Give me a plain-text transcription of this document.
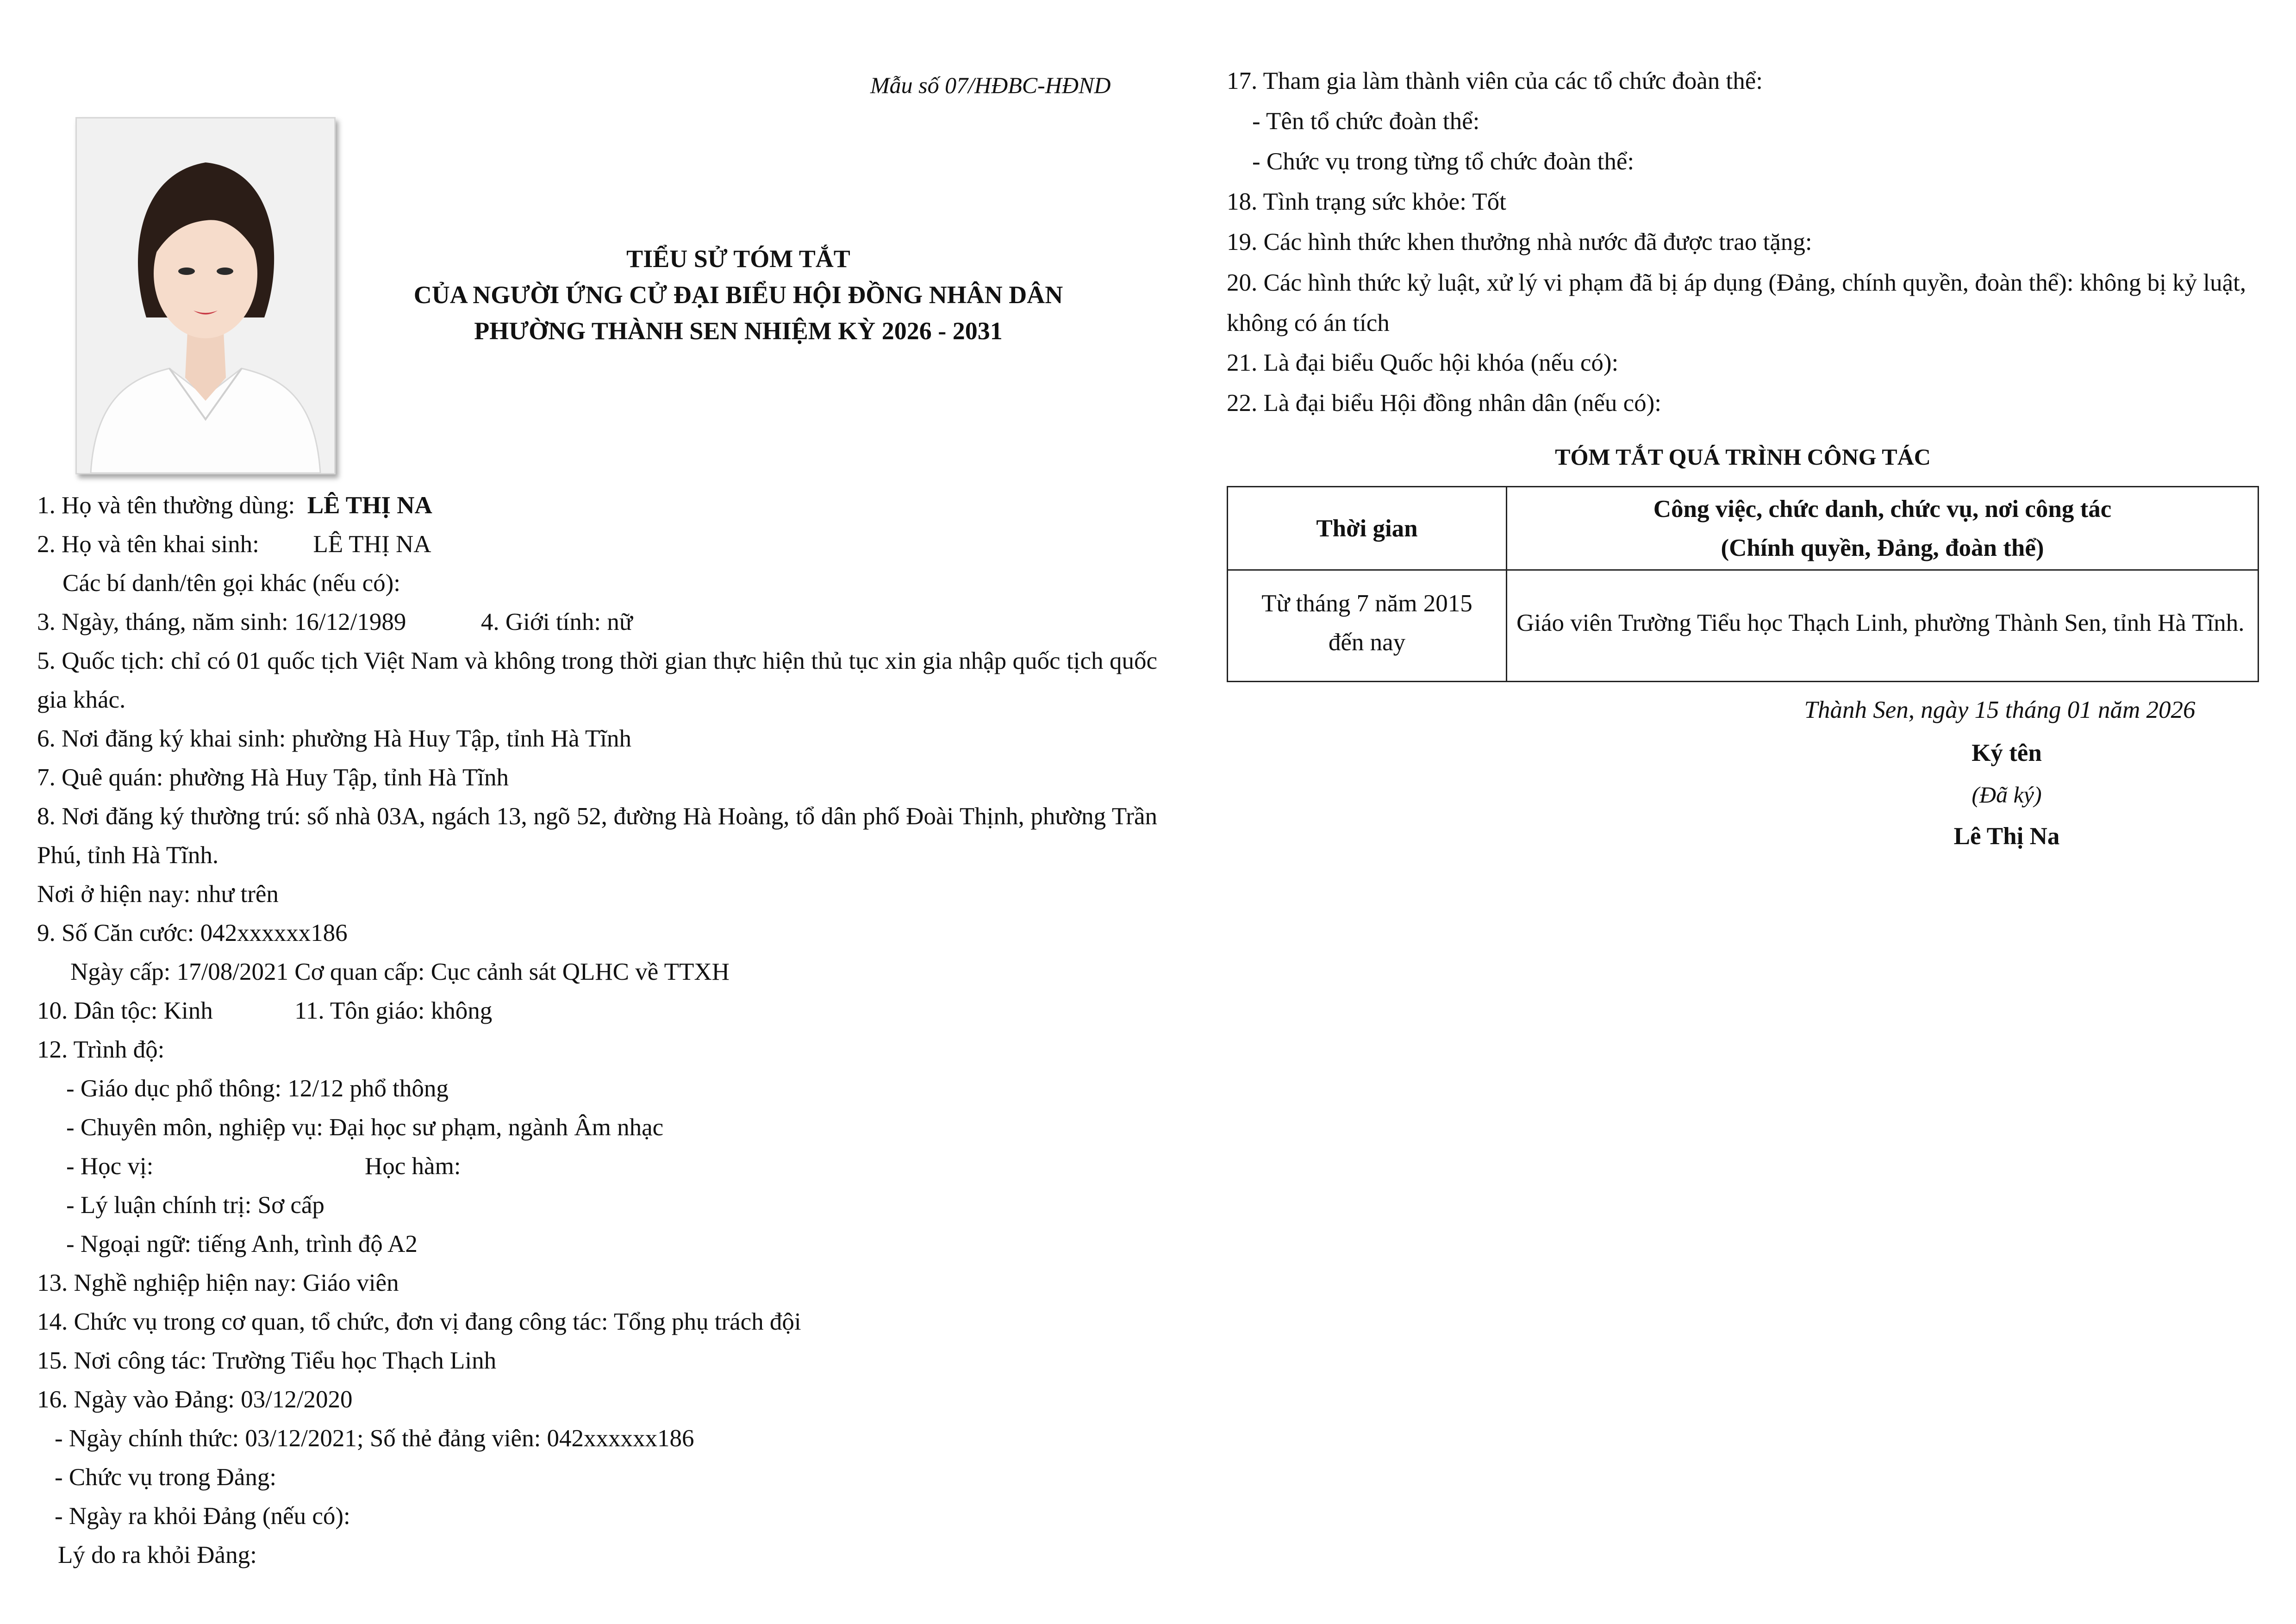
Mẫu số 07/HĐBC-HĐND
TIỂU SỬ TÓM TẮT
CỦA NGƯỜI ỨNG CỬ ĐẠI BIỂU HỘI ĐỒNG NHÂN DÂN
PHƯỜNG THÀNH SEN NHIỆM KỲ 2026 - 2031
1. Họ và tên thường dùng: LÊ THỊ NA
2. Họ và tên khai sinh: LÊ THỊ NA
Các bí danh/tên gọi khác (nếu có):
3. Ngày, tháng, năm sinh: 16/12/1989	4. Giới tính: nữ
5. Quốc tịch: chỉ có 01 quốc tịch Việt Nam và không trong thời gian thực hiện thủ tục xin gia nhập quốc tịch quốc gia khác.
6. Nơi đăng ký khai sinh: phường Hà Huy Tập, tỉnh Hà Tĩnh
7. Quê quán: phường Hà Huy Tập, tỉnh Hà Tĩnh
8. Nơi đăng ký thường trú: số nhà 03A, ngách 13, ngõ 52, đường Hà Hoàng, tổ dân phố Đoài Thịnh, phường Trần Phú, tỉnh Hà Tĩnh.
Nơi ở hiện nay: như trên
9. Số Căn cước: 042xxxxxx186
Ngày cấp: 17/08/2021 Cơ quan cấp: Cục cảnh sát QLHC về TTXH
10. Dân tộc: Kinh	11. Tôn giáo: không
12. Trình độ:
- Giáo dục phổ thông: 12/12 phổ thông
- Chuyên môn, nghiệp vụ: Đại học sư phạm, ngành Âm nhạc
- Học vị:	Học hàm:
- Lý luận chính trị: Sơ cấp
- Ngoại ngữ: tiếng Anh, trình độ A2
13. Nghề nghiệp hiện nay: Giáo viên
14. Chức vụ trong cơ quan, tổ chức, đơn vị đang công tác: Tổng phụ trách đội
15. Nơi công tác: Trường Tiểu học Thạch Linh
16. Ngày vào Đảng: 03/12/2020
- Ngày chính thức: 03/12/2021; Số thẻ đảng viên: 042xxxxxx186
- Chức vụ trong Đảng:
- Ngày ra khỏi Đảng (nếu có):
Lý do ra khỏi Đảng:
17. Tham gia làm thành viên của các tổ chức đoàn thể:
- Tên tổ chức đoàn thể:
- Chức vụ trong từng tổ chức đoàn thể:
18. Tình trạng sức khỏe: Tốt
19. Các hình thức khen thưởng nhà nước đã được trao tặng:
20. Các hình thức kỷ luật, xử lý vi phạm đã bị áp dụng (Đảng, chính quyền, đoàn thể): không bị kỷ luật, không có án tích
21. Là đại biểu Quốc hội khóa (nếu có):
22. Là đại biểu Hội đồng nhân dân (nếu có):
TÓM TẮT QUÁ TRÌNH CÔNG TÁC
Thời gian	Công việc, chức danh, chức vụ, nơi công tác
(Chính quyền, Đảng, đoàn thể)

Từ tháng 7 năm 2015
đến nay	Giáo viên Trường Tiểu học Thạch Linh, phường Thành Sen, tỉnh Hà Tĩnh.
Thành Sen, ngày 15 tháng 01 năm 2026
Ký tên
(Đã ký)
Lê Thị Na
